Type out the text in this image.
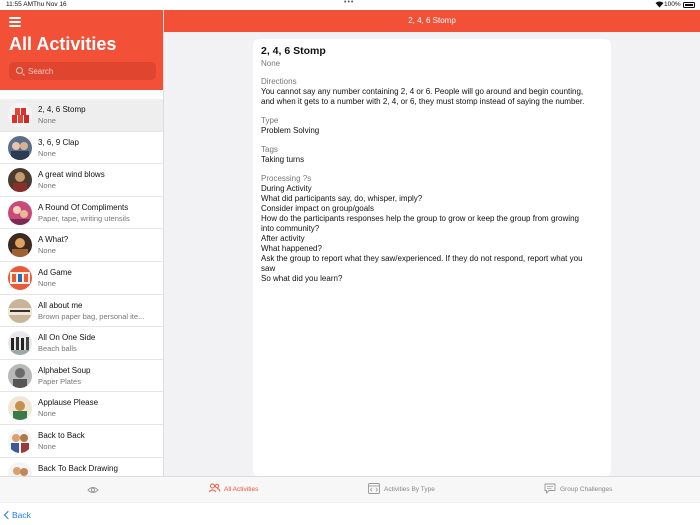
11:55 AM Thu Nov 16	•••	100%
All Activities
Search
2, 4, 6 Stomp
None
3, 6, 9 Clap
None
A great wind blows
None
A Round Of Compliments
Paper, tape, writing utensils
A What?
None
Ad Game
None
All about me
Brown paper bag, personal ite...
All On One Side
Beach balls
Alphabet Soup
Paper Plates
Applause Please
None
Back to Back
None
Back To Back Drawing
2, 4, 6 Stomp
2, 4, 6 Stomp
None
Directions
You cannot say any number containing 2, 4 or 6. People will go around and begin counting,
and when it gets to a number with 2, 4, or 6, they must stomp instead of saying the number.
Type
Problem Solving
Tags
Taking turns
Processing ?s
During Activity
What did participants say, do, whisper, imply?
Consider impact on group/goals
How do the participants responses help the group to grow or keep the group from growing
into community?
After activity
What happened?
Ask the group to report what they saw/experienced. If they do not respond, report what you
saw
So what did you learn?
All Activities	Activities By Type	Group Challenges
Back
